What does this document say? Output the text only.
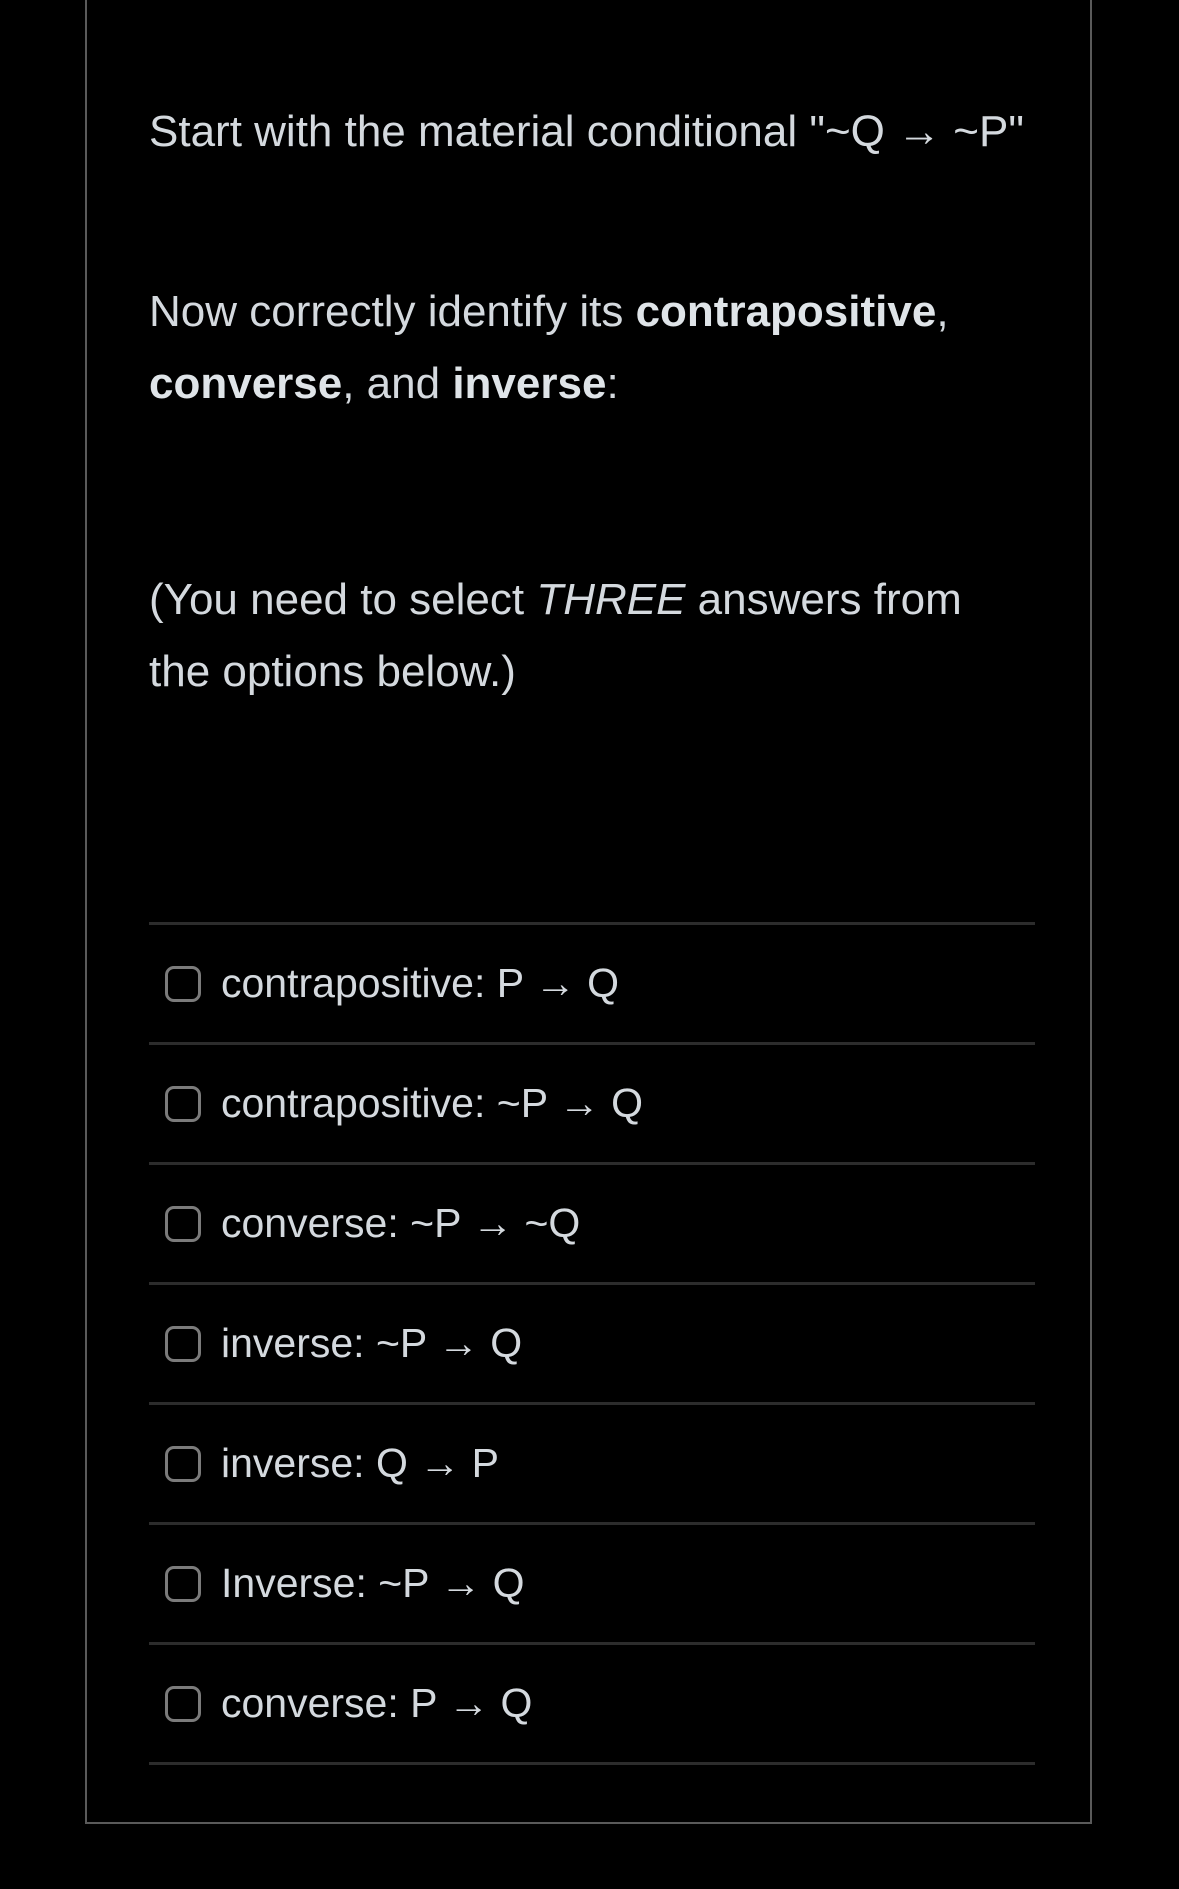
Start with the material conditional "~Q → ~P"

Now correctly identify its contrapositive, converse, and inverse:

(You need to select THREE answers from the options below.)

contrapositive: P → Q
contrapositive: ~P → Q
converse: ~P → ~Q
inverse: ~P → Q
inverse: Q → P
Inverse: ~P → Q
converse: P → Q
